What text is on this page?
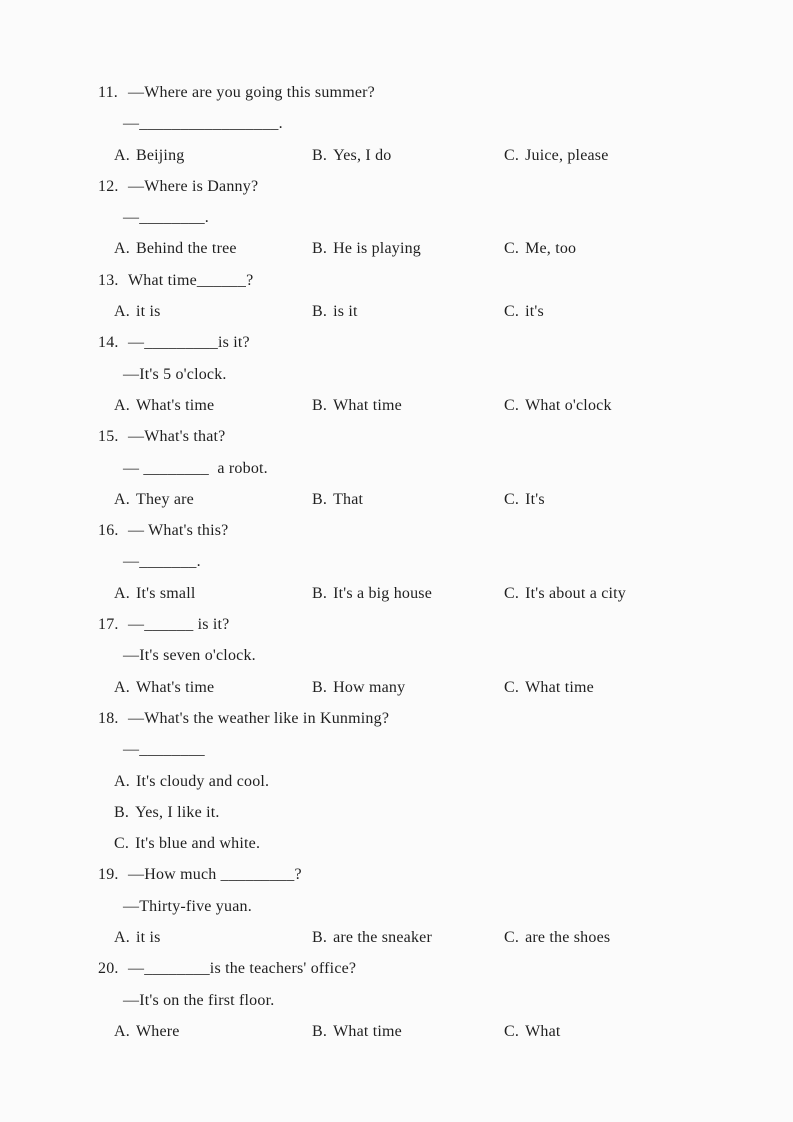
11. —Where are you going this summer?
—_________________.
A. Beijing	B. Yes, I do	C. Juice, please
12. —Where is Danny?
—________.
A. Behind the tree	B. He is playing	C. Me, too
13. What time______?
A. it is	B. is it	C. it's
14. —_________is it?
—It's 5 o'clock.
A. What's time	B. What time	C. What o'clock
15. —What's that?
— ________  a robot.
A. They are	B. That	C. It's
16. — What's this?
—_______.
A. It's small	B. It's a big house	C. It's about a city
17. —______ is it?
—It's seven o'clock.
A. What's time	B. How many	C. What time
18. —What's the weather like in Kunming?
—________
A. It's cloudy and cool.
B. Yes, I like it.
C. It's blue and white.
19. —How much _________?
—Thirty-five yuan.
A. it is	B. are the sneaker	C. are the shoes
20. —________is the teachers' office?
—It's on the first floor.
A. Where	B. What time	C. What
